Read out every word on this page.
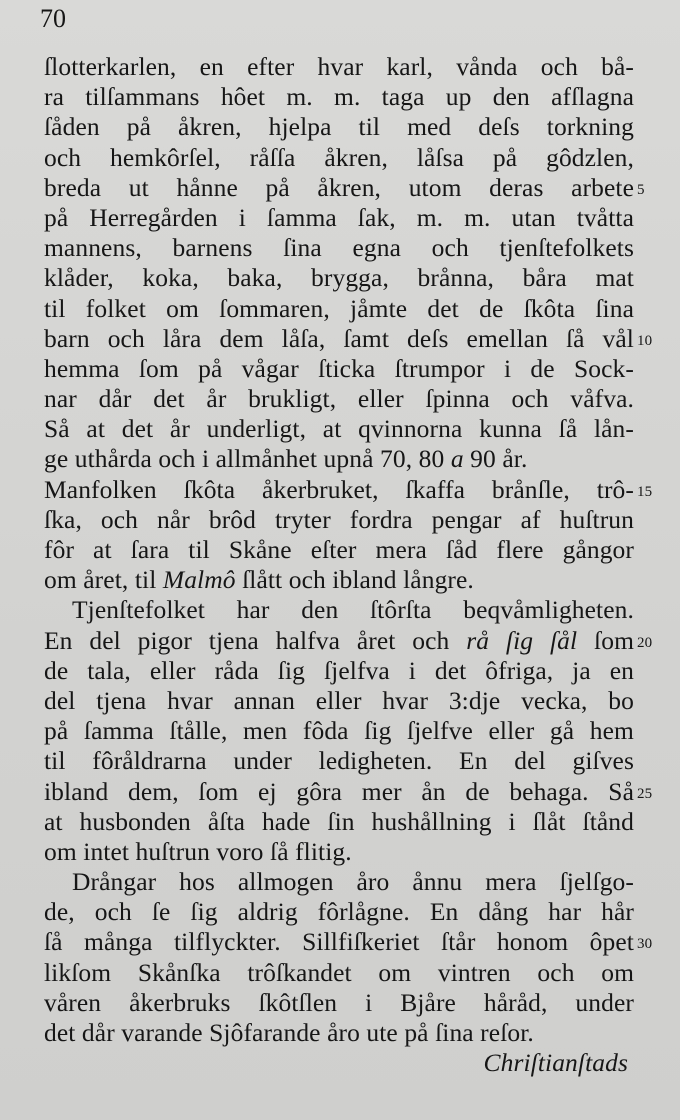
70
ſlotterkarlen, en efter hvar karl, vånda och bå-
ra tilſammans hôet m. m. taga up den afſlagna
ſåden på åkren, hjelpa til med deſs torkning
och hemkôrſel, råſſa åkren, låſsa på gôdzlen,
breda ut hånne på åkren, utom deras arbete 5
på Herregården i ſamma ſak, m. m. utan tvåtta
mannens, barnens ſina egna och tjenſtefolkets
klåder, koka, baka, brygga, brånna, båra mat
til folket om ſommaren, jåmte det de ſkôta ſina
barn och låra dem låſa, ſamt deſs emellan ſå vål 10
hemma ſom på vågar ſticka ſtrumpor i de Sock-
nar dår det år brukligt, eller ſpinna och våfva.
Så at det år underligt, at qvinnorna kunna ſå lån-
ge uthårda och i allmånhet upnå 70, 80 a 90 år.
Manfolken ſkôta åkerbruket, ſkaffa brånſle, trô- 15
ſka, och når brôd tryter fordra pengar af huſtrun
fôr at ſara til Skåne eſter mera ſåd flere gångor
om året, til Malmô ſlått och ibland långre.
Tjenſtefolket har den ſtôrſta beqvåmligheten.
En del pigor tjena halfva året och rå ſig ſål ſom 20
de tala, eller råda ſig ſjelfva i det ôfriga, ja en
del tjena hvar annan eller hvar 3:dje vecka, bo
på ſamma ſtålle, men fôda ſig ſjelfve eller gå hem
til fôråldrarna under ledigheten. En del giſves
ibland dem, ſom ej gôra mer ån de behaga. Så 25
at husbonden åſta hade ſin hushållning i ſlåt ſtånd
om intet huſtrun voro ſå flitig.
Drångar hos allmogen åro ånnu mera ſjelſgo-
de, och ſe ſig aldrig fôrlågne. En dång har hår
ſå många tilflyckter. Sillfiſkeriet ſtår honom ôpet 30
likſom Skånſka trôſkandet om vintren och om
våren åkerbruks ſkôtſlen i Bjåre håråd, under
det dår varande Sjôfarande åro ute på ſina reſor.
Chriſtianſtads
